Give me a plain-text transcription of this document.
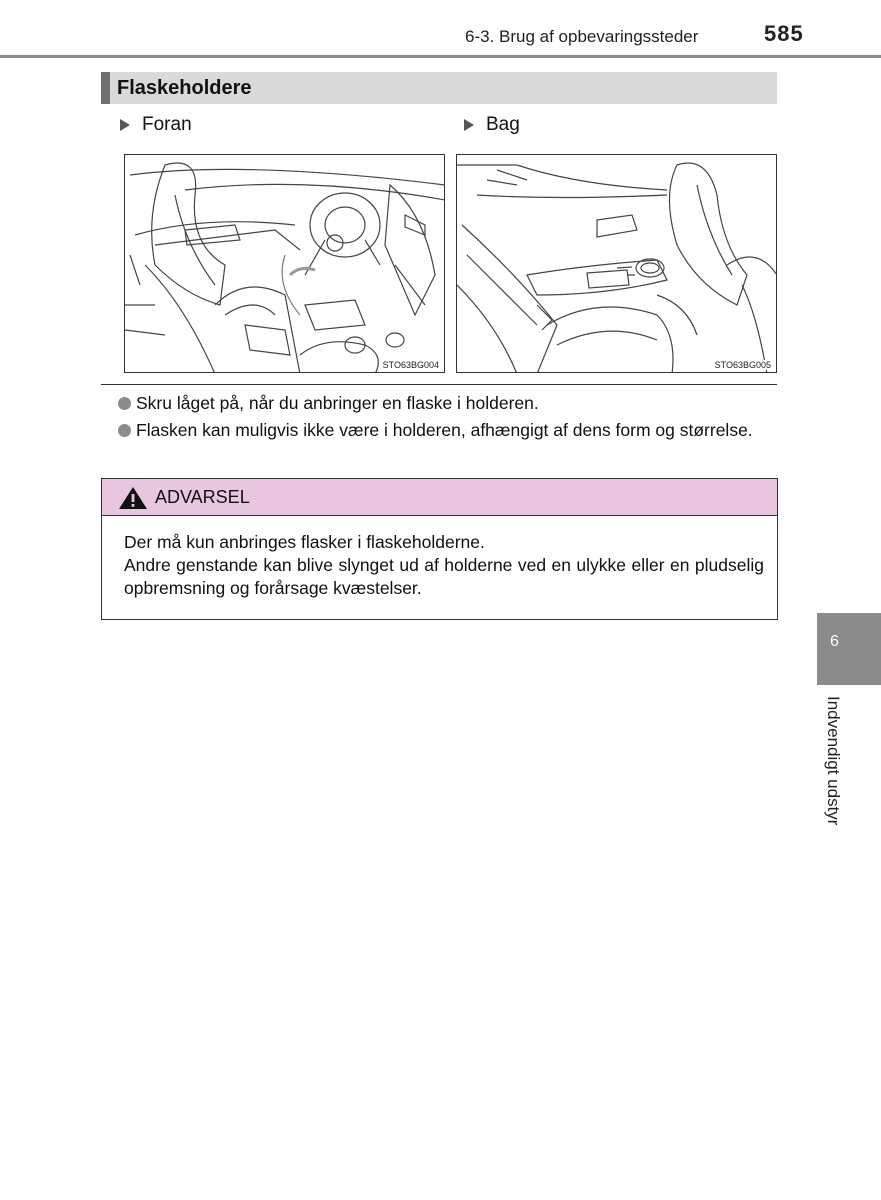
6-3. Brug af opbevaringssteder	585
Flaskeholdere
Foran	Bag
STO63BG004	STO63BG005
Skru låget på, når du anbringer en flaske i holderen.
Flasken kan muligvis ikke være i holderen, afhængigt af dens form og størrelse.
ADVARSEL

Der må kun anbringes flasker i flaskeholderne.

Andre genstande kan blive slynget ud af holderne ved en ulykke eller en pludselig opbremsning og forårsage kvæstelser.

6
Indvendigt udstyr
